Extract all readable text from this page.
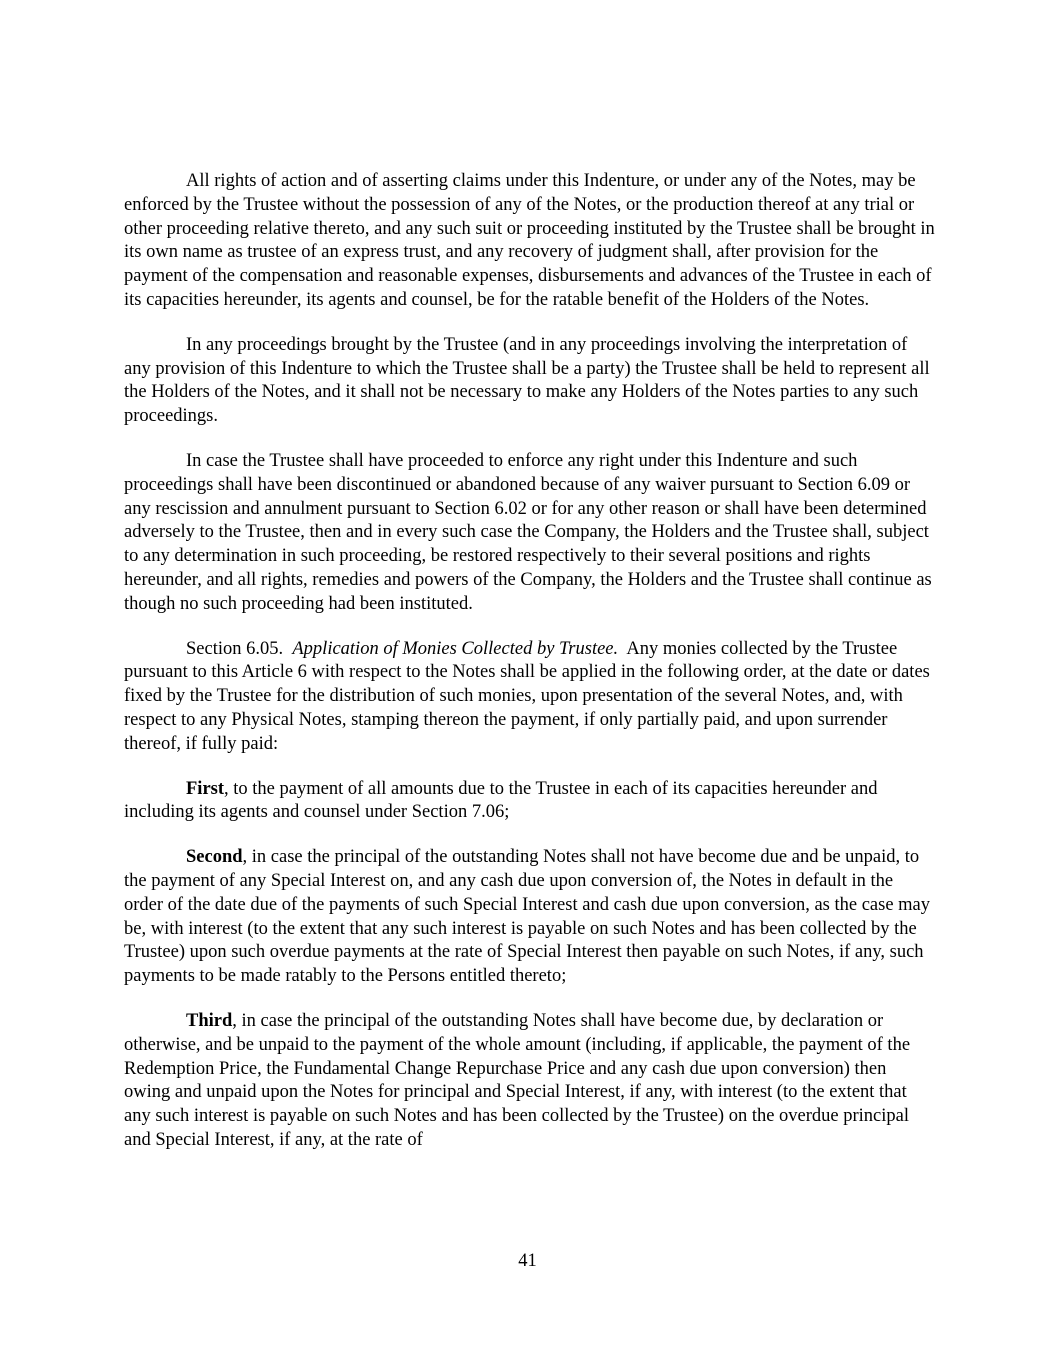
All rights of action and of asserting claims under this Indenture, or under any of the Notes, may be enforced by the Trustee without the possession of any of the Notes, or the production thereof at any trial or other proceeding relative thereto, and any such suit or proceeding instituted by the Trustee shall be brought in its own name as trustee of an express trust, and any recovery of judgment shall, after provision for the payment of the compensation and reasonable expenses, disbursements and advances of the Trustee in each of its capacities hereunder, its agents and counsel, be for the ratable benefit of the Holders of the Notes.

In any proceedings brought by the Trustee (and in any proceedings involving the interpretation of any provision of this Indenture to which the Trustee shall be a party) the Trustee shall be held to represent all the Holders of the Notes, and it shall not be necessary to make any Holders of the Notes parties to any such proceedings.

In case the Trustee shall have proceeded to enforce any right under this Indenture and such proceedings shall have been discontinued or abandoned because of any waiver pursuant to Section 6.09 or any rescission and annulment pursuant to Section 6.02 or for any other reason or shall have been determined adversely to the Trustee, then and in every such case the Company, the Holders and the Trustee shall, subject to any determination in such proceeding, be restored respectively to their several positions and rights hereunder, and all rights, remedies and powers of the Company, the Holders and the Trustee shall continue as though no such proceeding had been instituted.

Section 6.05. Application of Monies Collected by Trustee. Any monies collected by the Trustee pursuant to this Article 6 with respect to the Notes shall be applied in the following order, at the date or dates fixed by the Trustee for the distribution of such monies, upon presentation of the several Notes, and, with respect to any Physical Notes, stamping thereon the payment, if only partially paid, and upon surrender thereof, if fully paid:

First, to the payment of all amounts due to the Trustee in each of its capacities hereunder and including its agents and counsel under Section 7.06;

Second, in case the principal of the outstanding Notes shall not have become due and be unpaid, to the payment of any Special Interest on, and any cash due upon conversion of, the Notes in default in the order of the date due of the payments of such Special Interest and cash due upon conversion, as the case may be, with interest (to the extent that any such interest is payable on such Notes and has been collected by the Trustee) upon such overdue payments at the rate of Special Interest then payable on such Notes, if any, such payments to be made ratably to the Persons entitled thereto;

Third, in case the principal of the outstanding Notes shall have become due, by declaration or otherwise, and be unpaid to the payment of the whole amount (including, if applicable, the payment of the Redemption Price, the Fundamental Change Repurchase Price and any cash due upon conversion) then owing and unpaid upon the Notes for principal and Special Interest, if any, with interest (to the extent that any such interest is payable on such Notes and has been collected by the Trustee) on the overdue principal and Special Interest, if any, at the rate of

41
